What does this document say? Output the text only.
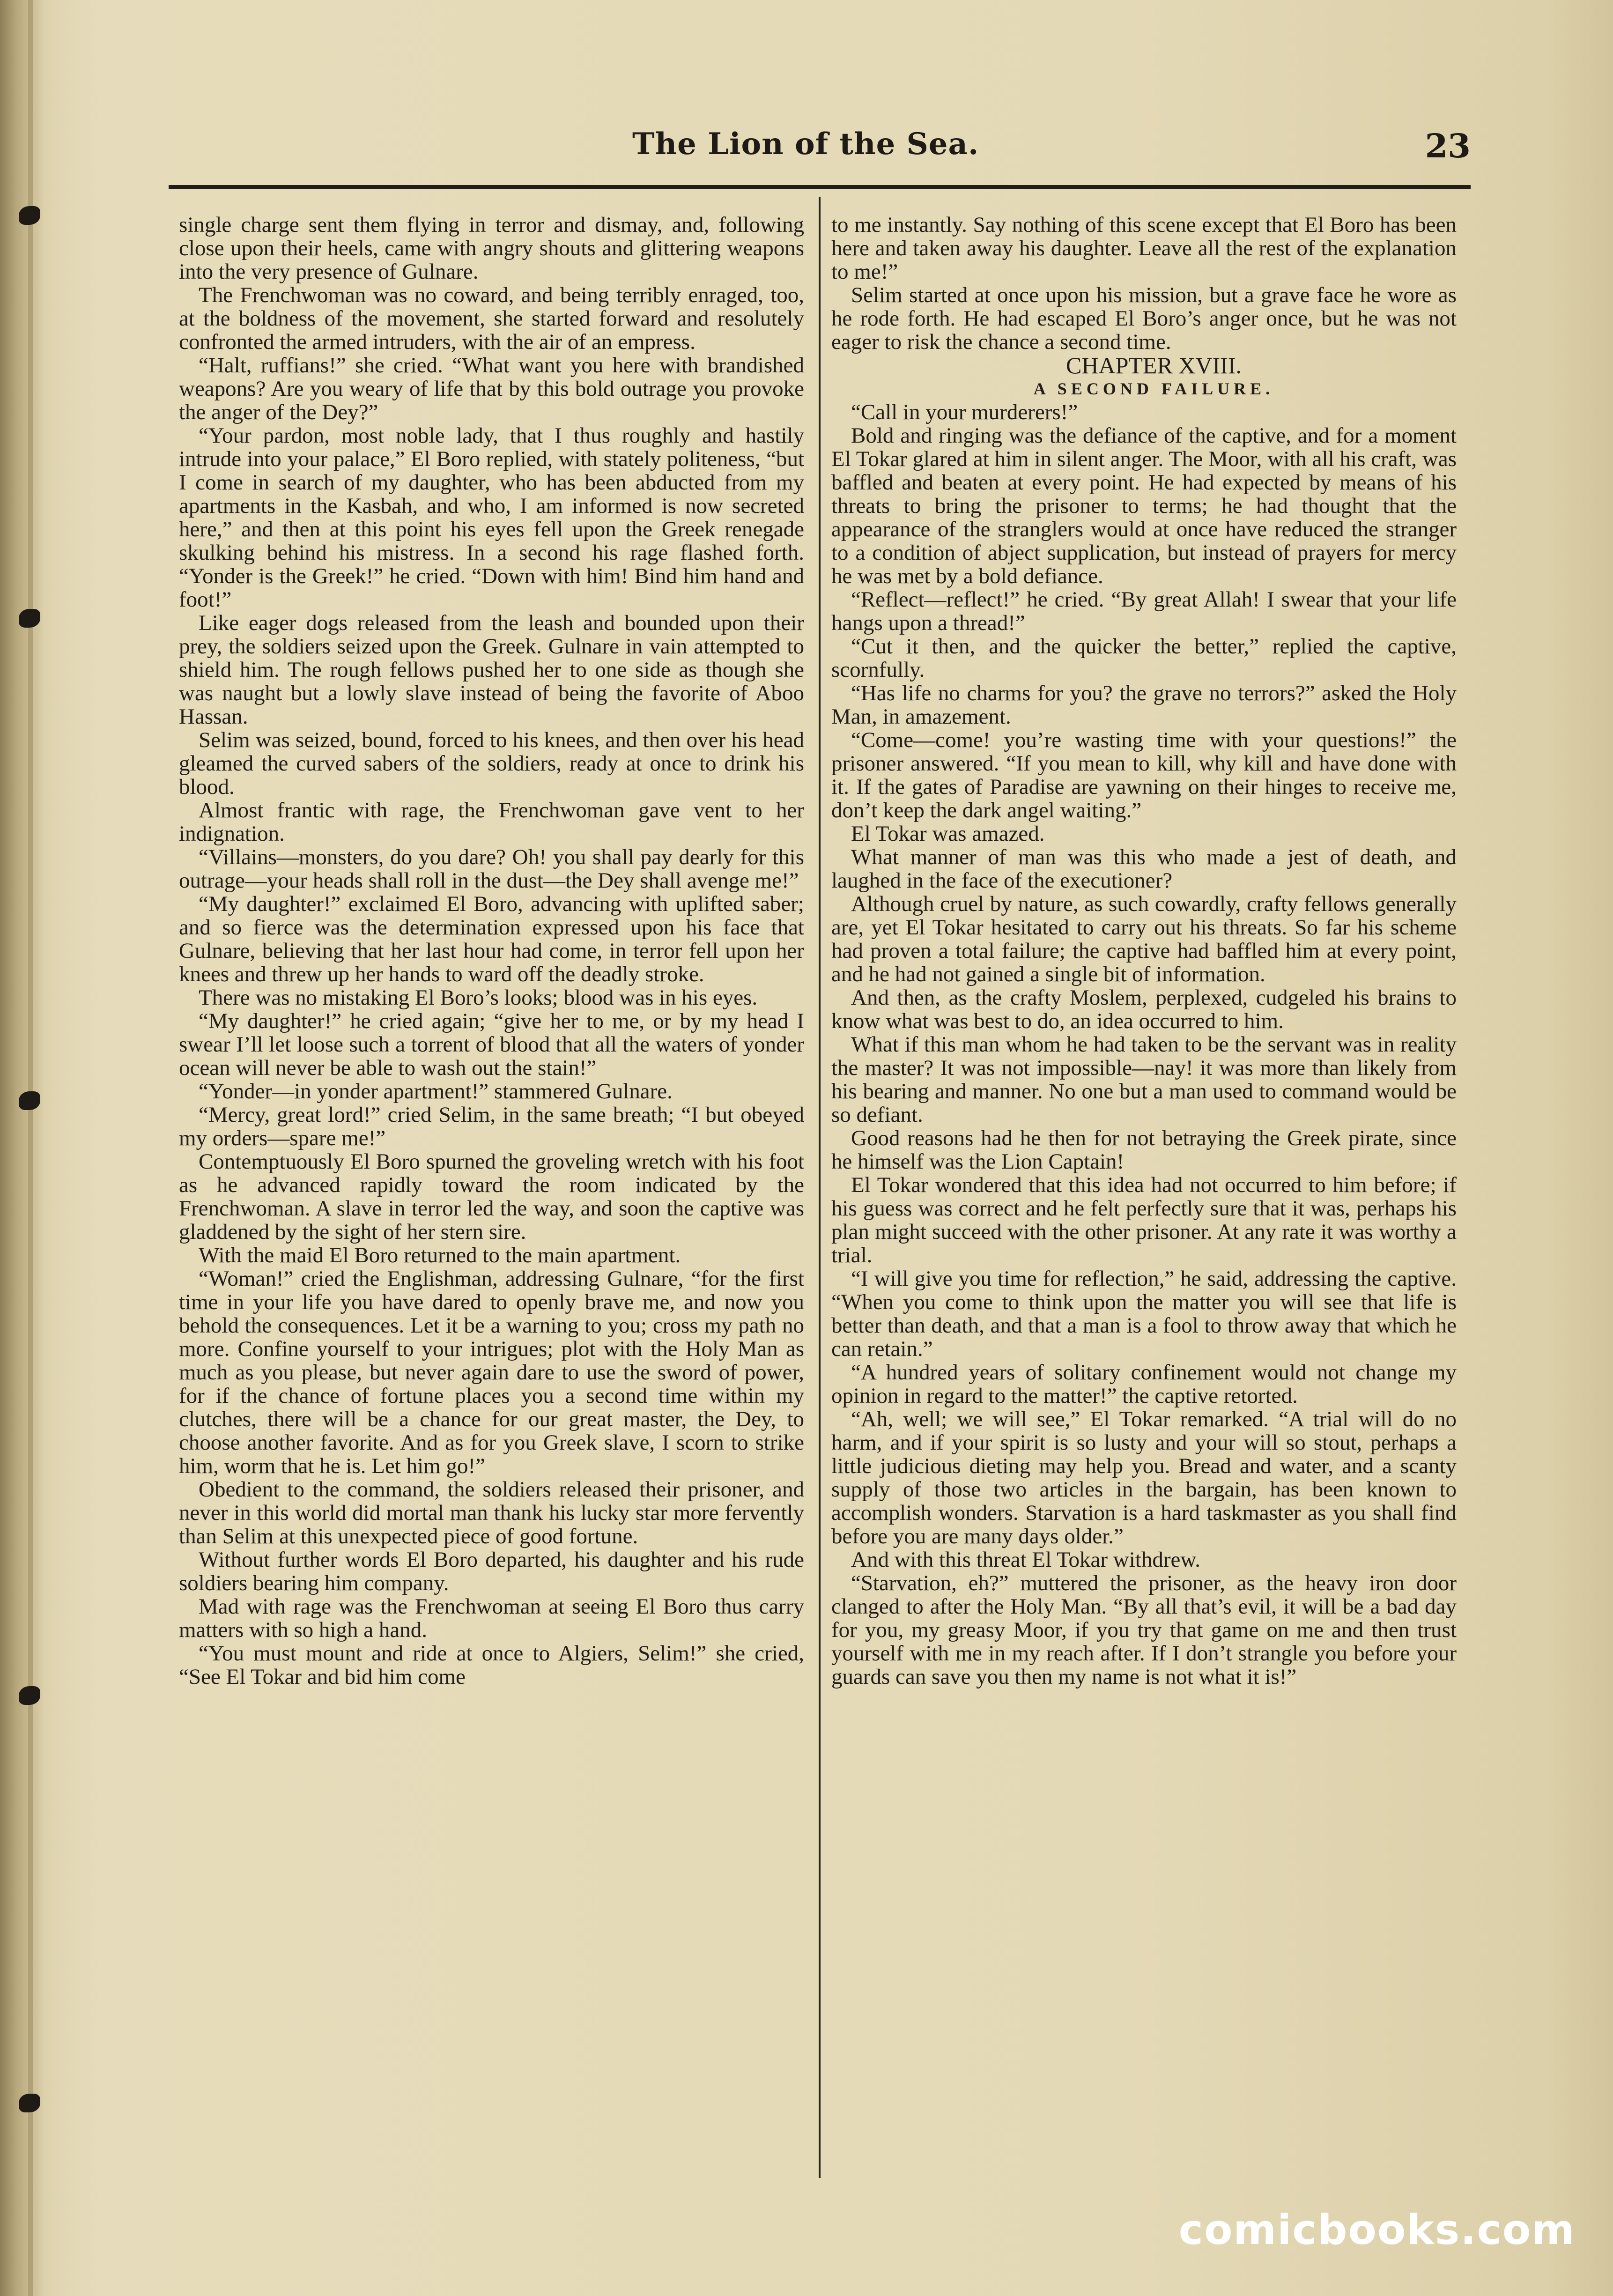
The Lion of the Sea.	23

single charge sent them flying in terror and dismay, and, following close upon their heels, came with angry shouts and glittering weapons into the very presence of Gulnare.

The Frenchwoman was no coward, and being terribly enraged, too, at the boldness of the movement, she started forward and resolutely confronted the armed intruders, with the air of an empress.

“Halt, ruffians!” she cried. “What want you here with brandished weapons? Are you weary of life that by this bold outrage you provoke the anger of the Dey?”

“Your pardon, most noble lady, that I thus roughly and hastily intrude into your palace,” El Boro replied, with stately politeness, “but I come in search of my daughter, who has been abducted from my apartments in the Kasbah, and who, I am informed is now secreted here,” and then at this point his eyes fell upon the Greek renegade skulking behind his mistress. In a second his rage flashed forth. “Yonder is the Greek!” he cried. “Down with him! Bind him hand and foot!”

Like eager dogs released from the leash and bounded upon their prey, the soldiers seized upon the Greek. Gulnare in vain attempted to shield him. The rough fellows pushed her to one side as though she was naught but a lowly slave instead of being the favorite of Aboo Hassan.

Selim was seized, bound, forced to his knees, and then over his head gleamed the curved sabers of the soldiers, ready at once to drink his blood.

Almost frantic with rage, the Frenchwoman gave vent to her indignation.

“Villains—monsters, do you dare? Oh! you shall pay dearly for this outrage—your heads shall roll in the dust—the Dey shall avenge me!”

“My daughter!” exclaimed El Boro, advancing with uplifted saber; and so fierce was the determination expressed upon his face that Gulnare, believing that her last hour had come, in terror fell upon her knees and threw up her hands to ward off the deadly stroke.

There was no mistaking El Boro’s looks; blood was in his eyes.

“My daughter!” he cried again; “give her to me, or by my head I swear I’ll let loose such a torrent of blood that all the waters of yonder ocean will never be able to wash out the stain!”

“Yonder—in yonder apartment!” stammered Gulnare.

“Mercy, great lord!” cried Selim, in the same breath; “I but obeyed my orders—spare me!”

Contemptuously El Boro spurned the groveling wretch with his foot as he advanced rapidly toward the room indicated by the Frenchwoman. A slave in terror led the way, and soon the captive was gladdened by the sight of her stern sire.

With the maid El Boro returned to the main apartment.

“Woman!” cried the Englishman, addressing Gulnare, “for the first time in your life you have dared to openly brave me, and now you behold the consequences. Let it be a warning to you; cross my path no more. Confine yourself to your intrigues; plot with the Holy Man as much as you please, but never again dare to use the sword of power, for if the chance of fortune places you a second time within my clutches, there will be a chance for our great master, the Dey, to choose another favorite. And as for you Greek slave, I scorn to strike him, worm that he is. Let him go!”

Obedient to the command, the soldiers released their prisoner, and never in this world did mortal man thank his lucky star more fervently than Selim at this unexpected piece of good fortune.

Without further words El Boro departed, his daughter and his rude soldiers bearing him company.

Mad with rage was the Frenchwoman at seeing El Boro thus carry matters with so high a hand.

“You must mount and ride at once to Algiers, Selim!” she cried, “See El Tokar and bid him come

to me instantly. Say nothing of this scene except that El Boro has been here and taken away his daughter. Leave all the rest of the explanation to me!”

Selim started at once upon his mission, but a grave face he wore as he rode forth. He had escaped El Boro’s anger once, but he was not eager to risk the chance a second time.

CHAPTER XVIII.

A SECOND FAILURE.

“Call in your murderers!”

Bold and ringing was the defiance of the captive, and for a moment El Tokar glared at him in silent anger. The Moor, with all his craft, was baffled and beaten at every point. He had expected by means of his threats to bring the prisoner to terms; he had thought that the appearance of the stranglers would at once have reduced the stranger to a condition of abject supplication, but instead of prayers for mercy he was met by a bold defiance.

“Reflect—reflect!” he cried. “By great Allah! I swear that your life hangs upon a thread!”

“Cut it then, and the quicker the better,” replied the captive, scornfully.

“Has life no charms for you? the grave no terrors?” asked the Holy Man, in amazement.

“Come—come! you’re wasting time with your questions!” the prisoner answered. “If you mean to kill, why kill and have done with it. If the gates of Paradise are yawning on their hinges to receive me, don’t keep the dark angel waiting.”

El Tokar was amazed.

What manner of man was this who made a jest of death, and laughed in the face of the executioner?

Although cruel by nature, as such cowardly, crafty fellows generally are, yet El Tokar hesitated to carry out his threats. So far his scheme had proven a total failure; the captive had baffled him at every point, and he had not gained a single bit of information.

And then, as the crafty Moslem, perplexed, cudgeled his brains to know what was best to do, an idea occurred to him.

What if this man whom he had taken to be the servant was in reality the master? It was not impossible—nay! it was more than likely from his bearing and manner. No one but a man used to command would be so defiant.

Good reasons had he then for not betraying the Greek pirate, since he himself was the Lion Captain!

El Tokar wondered that this idea had not occurred to him before; if his guess was correct and he felt perfectly sure that it was, perhaps his plan might succeed with the other prisoner. At any rate it was worthy a trial.

“I will give you time for reflection,” he said, addressing the captive. “When you come to think upon the matter you will see that life is better than death, and that a man is a fool to throw away that which he can retain.”

“A hundred years of solitary confinement would not change my opinion in regard to the matter!” the captive retorted.

“Ah, well; we will see,” El Tokar remarked. “A trial will do no harm, and if your spirit is so lusty and your will so stout, perhaps a little judicious dieting may help you. Bread and water, and a scanty supply of those two articles in the bargain, has been known to accomplish wonders. Starvation is a hard taskmaster as you shall find before you are many days older.”

And with this threat El Tokar withdrew.

“Starvation, eh?” muttered the prisoner, as the heavy iron door clanged to after the Holy Man. “By all that’s evil, it will be a bad day for you, my greasy Moor, if you try that game on me and then trust yourself with me in my reach after. If I don’t strangle you before your guards can save you then my name is not what it is!”

comicbooks.com
